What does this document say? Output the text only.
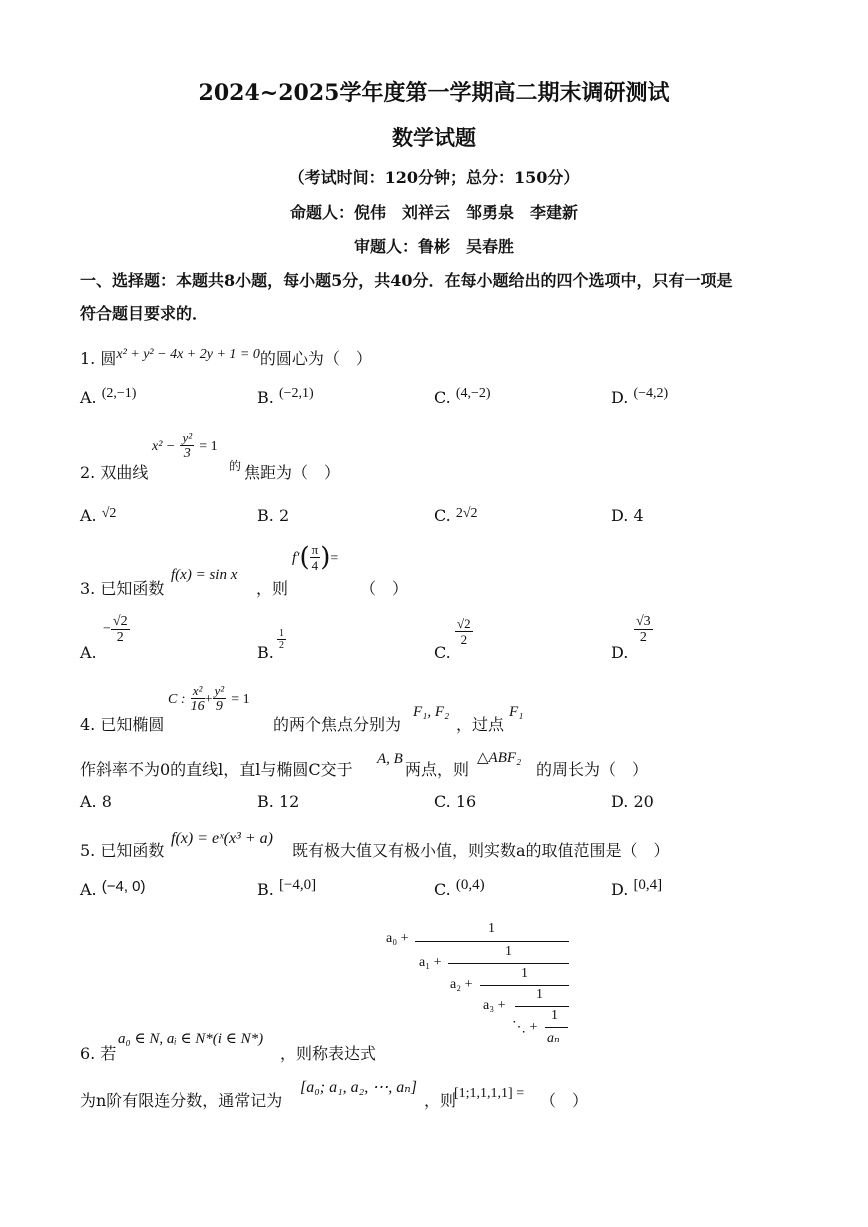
2024~2025学年度第一学期高二期末调研测试
数学试题
（考试时间：120分钟；总分：150分）
命题人：倪伟　刘祥云　邹勇泉　李建新
审题人：鲁彬　吴春胜
一、选择题：本题共8小题，每小题5分，共40分．在每小题给出的四个选项中，只有一项是
符合题目要求的．
1. 圆x² + y² − 4x + 2y + 1 = 0的圆心为（　）
A. (2,−1)	B. (−2,1)	C. (4,−2)	D. (−4,2)
2. 双曲线
$x^2 - \frac{\text{y²}}{3} = 1$
的 焦距为（　）
A. √2	B. 2	C. 2√2	D. 4
3. 已知函数
f(x) = sin x
，则
$f'( \frac{\pi}{4}$ )=
（　）
A.
− $\frac{√2}{2}$
B.
$\frac{1}{2}$
C.
$\frac{√2}{2}$
D.
$\frac{√3}{2}$
4. 已知椭圆
C : $\frac{\text{x²}}{16} + \frac{\text{y²}}{9} = 1$
的两个焦点分别为
F₁, F₂
，过点
F₁
作斜率不为0的直线l，直l与椭圆C交于
A, B
两点，则
△ABF₂
的周长为（　）
A. 8	B. 12	C. 16	D. 20
5. 已知函数
f(x) = eˣ(x³ + a)
既有极大值又有极小值，则实数a的取值范围是（　）
A. (−4, 0)	B. [−4,0]	C. (0,4)	D. [0,4]
a₀ +
1
a₁ +
1
a₂ +
1
a₃ +
1
⋱ +
1
aₙ
6. 若
a₀ ∈ N, aᵢ ∈ N*(i ∈ N*)
，则称表达式
为n阶有限连分数，通常记为
[a₀; a₁, a₂, ⋯, aₙ]
，则
[1;1,1,1,1] = （　）
